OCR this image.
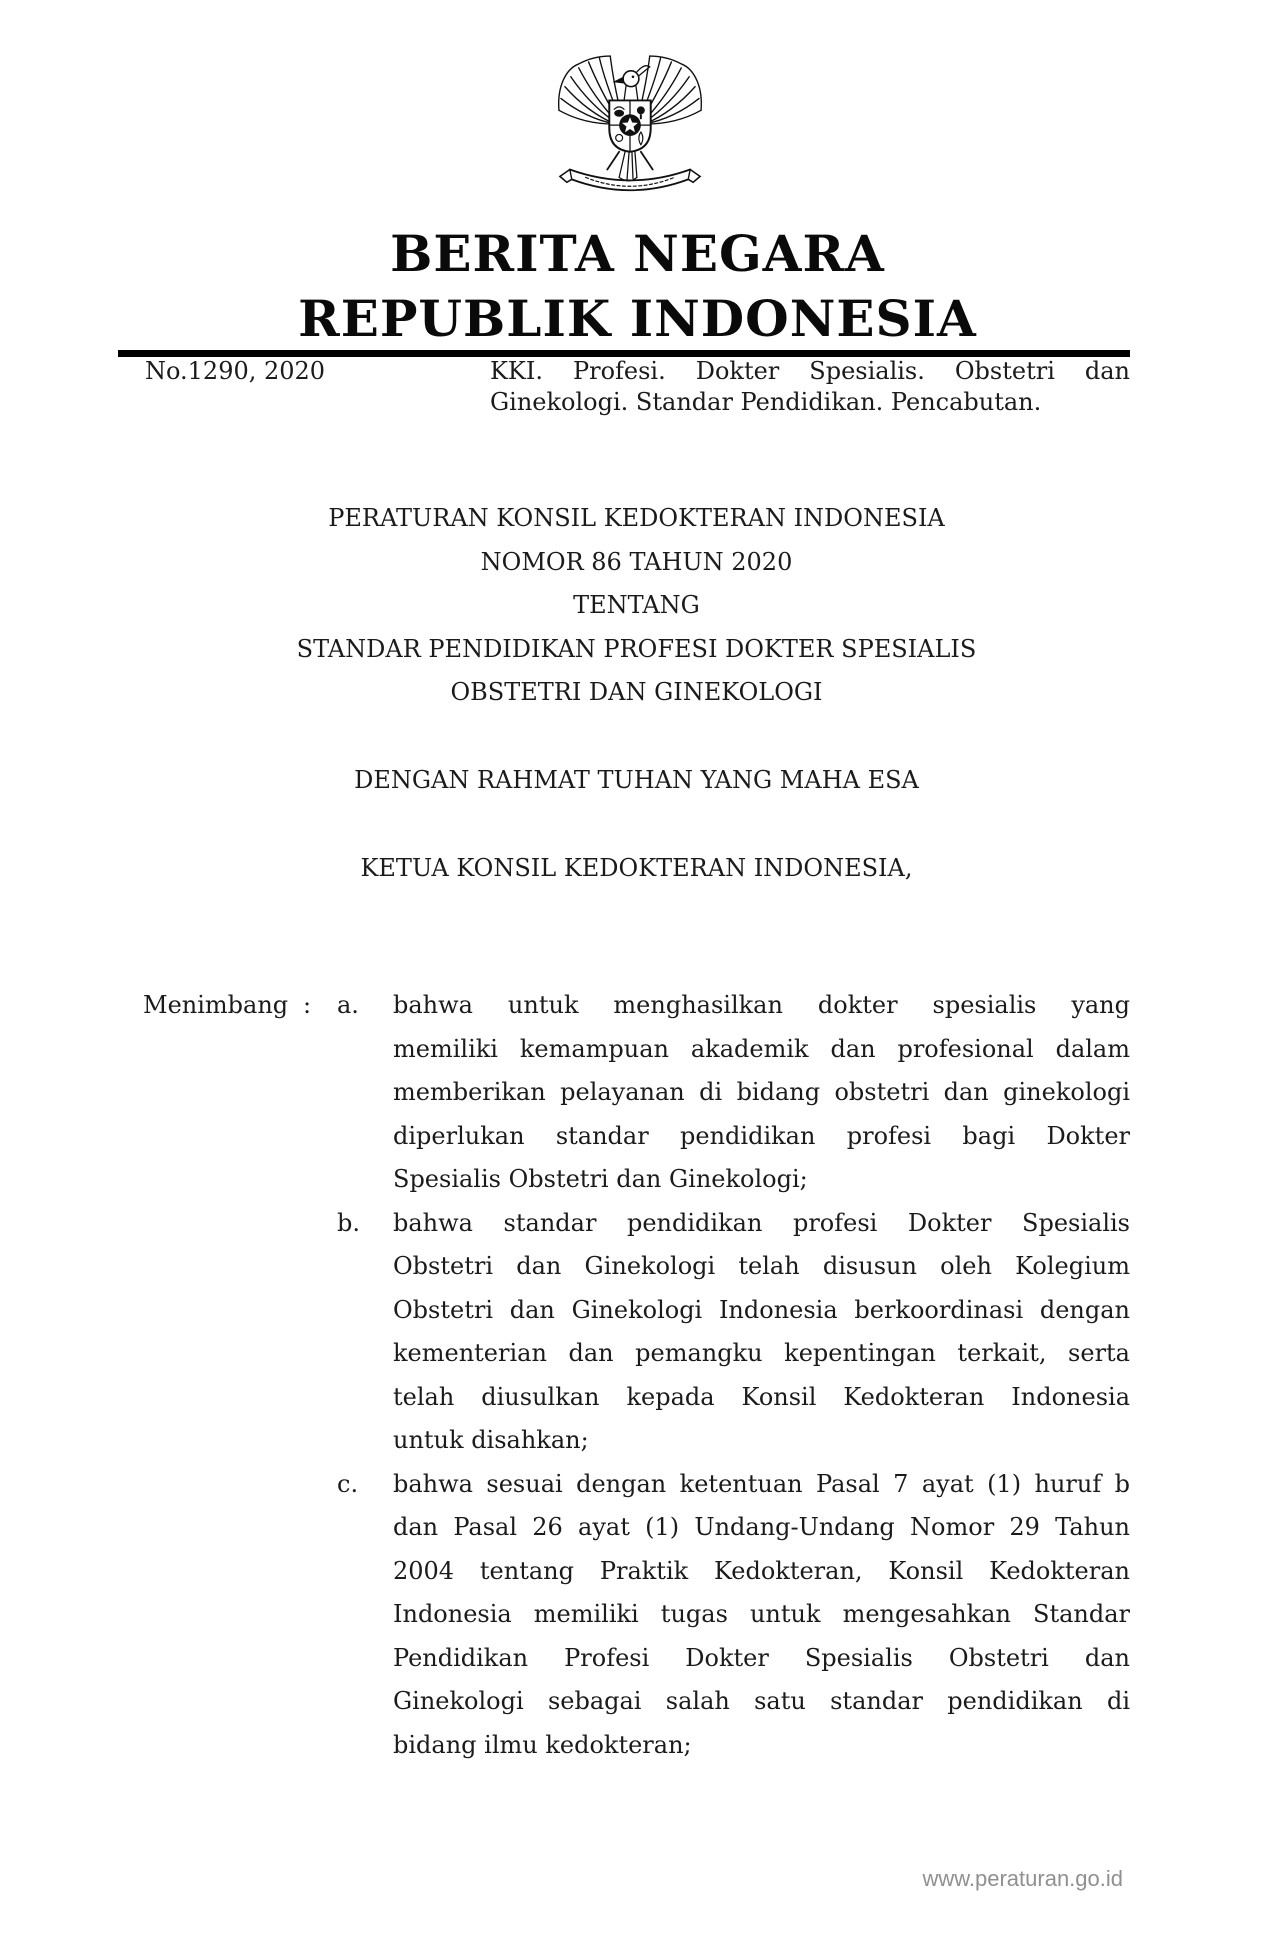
BERITA NEGARA
REPUBLIK INDONESIA
No.1290, 2020	KKI. Profesi. Dokter Spesialis. Obstetri dan
Ginekologi. Standar Pendidikan. Pencabutan.
PERATURAN KONSIL KEDOKTERAN INDONESIA
NOMOR 86 TAHUN 2020
TENTANG
STANDAR PENDIDIKAN PROFESI DOKTER SPESIALIS
OBSTETRI DAN GINEKOLOGI
DENGAN RAHMAT TUHAN YANG MAHA ESA
KETUA KONSIL KEDOKTERAN INDONESIA,
Menimbang :	a.	bahwa untuk menghasilkan dokter spesialis yang
memiliki kemampuan akademik dan profesional dalam
memberikan pelayanan di bidang obstetri dan ginekologi
diperlukan standar pendidikan profesi bagi Dokter
Spesialis Obstetri dan Ginekologi;
b.	bahwa standar pendidikan profesi Dokter Spesialis
Obstetri dan Ginekologi telah disusun oleh Kolegium
Obstetri dan Ginekologi Indonesia berkoordinasi dengan
kementerian dan pemangku kepentingan terkait, serta
telah diusulkan kepada Konsil Kedokteran Indonesia
untuk disahkan;
c.	bahwa sesuai dengan ketentuan Pasal 7 ayat (1) huruf b
dan Pasal 26 ayat (1) Undang-Undang Nomor 29 Tahun
2004 tentang Praktik Kedokteran, Konsil Kedokteran
Indonesia memiliki tugas untuk mengesahkan Standar
Pendidikan Profesi Dokter Spesialis Obstetri dan
Ginekologi sebagai salah satu standar pendidikan di
bidang ilmu kedokteran;
www.peraturan.go.id
